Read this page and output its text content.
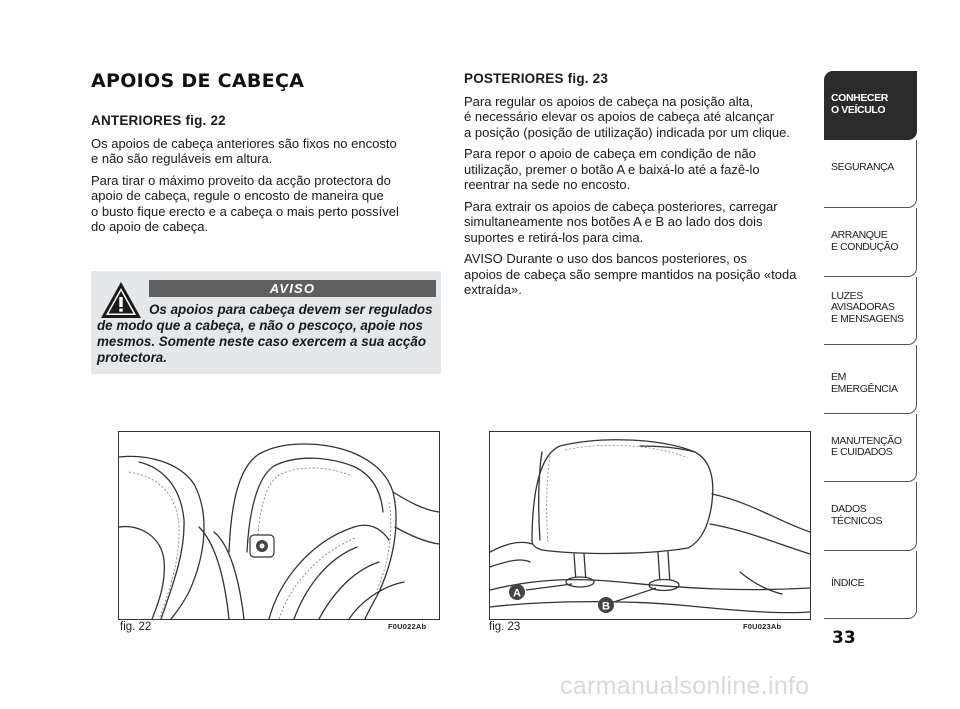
APOIOS DE CABEÇA
ANTERIORES fig. 22

Os apoios de cabeça anteriores são fixos no encosto
e não são reguláveis em altura.

Para tirar o máximo proveito da acção protectora do
apoio de cabeça, regule o encosto de maneira que
o busto fique erecto e a cabeça o mais perto possível
do apoio de cabeça.

AVISO
Os apoios para cabeça devem ser regulados de modo que a cabeça, e não o pescoço, apoie nos mesmos. Somente neste caso exercem a sua acção protectora.
POSTERIORES fig. 23

Para regular os apoios de cabeça na posição alta,
é necessário elevar os apoios de cabeça até alcançar
a posição (posição de utilização) indicada por um clique.

Para repor o apoio de cabeça em condição de não
utilização, premer o botão A e baixá-lo até a fazê-lo
reentrar na sede no encosto.

Para extrair os apoios de cabeça posteriores, carregar
simultaneamente nos botões A e B ao lado dos dois
suportes e retirá-los para cima.

AVISO Durante o uso dos bancos posteriores, os
apoios de cabeça são sempre mantidos na posição «toda
extraída».

fig. 22	F0U022Ab
A
B
fig. 23	F0U023Ab
CONHECER
O VEÍCULO
SEGURANÇA
ARRANQUE
E CONDUÇÃO
LUZES
AVISADORAS
E MENSAGENS
EM EMERGÊNCIA
MANUTENÇÃO
E CUIDADOS
DADOS
TÉCNICOS
ÍNDICE
33
carmanualsonline.info
